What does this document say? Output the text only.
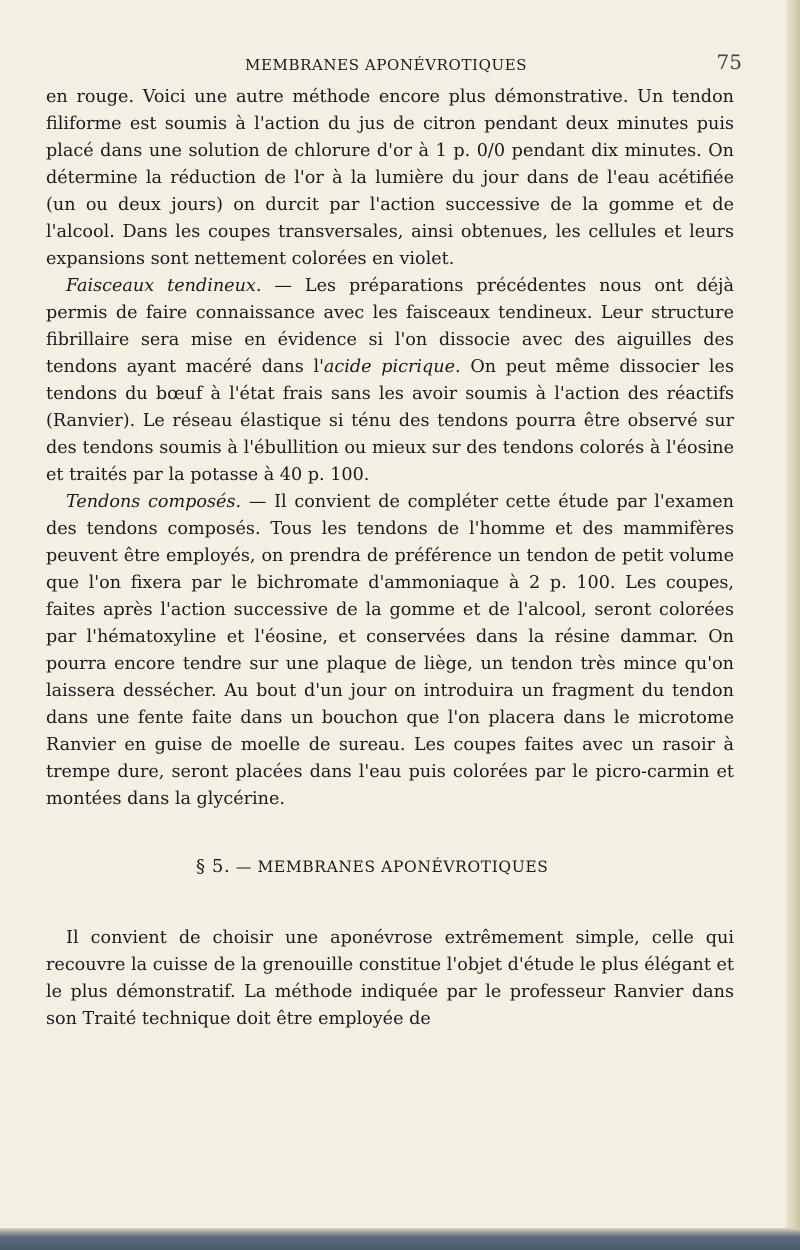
MEMBRANES APONÉVROTIQUES	75

en rouge. Voici une autre méthode encore plus démonstrative. Un tendon filiforme est soumis à l'action du jus de citron pendant deux minutes puis placé dans une solution de chlorure d'or à 1 p. 0/0 pendant dix minutes. On détermine la réduction de l'or à la lumière du jour dans de l'eau acétifiée (un ou deux jours) on durcit par l'action successive de la gomme et de l'alcool. Dans les coupes transversales, ainsi obtenues, les cellules et leurs expansions sont nettement colorées en violet.

Faisceaux tendineux. — Les préparations précédentes nous ont déjà permis de faire connaissance avec les faisceaux tendineux. Leur structure fibrillaire sera mise en évidence si l'on dissocie avec des aiguilles des tendons ayant macéré dans l'acide picrique. On peut même dissocier les tendons du bœuf à l'état frais sans les avoir soumis à l'action des réactifs (Ranvier). Le réseau élastique si ténu des tendons pourra être observé sur des tendons soumis à l'ébullition ou mieux sur des tendons colorés à l'éosine et traités par la potasse à 40 p. 100.

Tendons composés. — Il convient de compléter cette étude par l'examen des tendons composés. Tous les tendons de l'homme et des mammifères peuvent être employés, on prendra de préférence un tendon de petit volume que l'on fixera par le bichromate d'ammoniaque à 2 p. 100. Les coupes, faites après l'action successive de la gomme et de l'alcool, seront colorées par l'hématoxyline et l'éosine, et conservées dans la résine dammar. On pourra encore tendre sur une plaque de liège, un tendon très mince qu'on laissera dessécher. Au bout d'un jour on introduira un fragment du tendon dans une fente faite dans un bouchon que l'on placera dans le microtome Ranvier en guise de moelle de sureau. Les coupes faites avec un rasoir à trempe dure, seront placées dans l'eau puis colorées par le picro-carmin et montées dans la glycérine.

§ 5. — MEMBRANES APONÉVROTIQUES

Il convient de choisir une aponévrose extrêmement simple, celle qui recouvre la cuisse de la grenouille constitue l'objet d'étude le plus élégant et le plus démonstratif. La méthode indiquée par le professeur Ranvier dans son Traité technique doit être employée de
